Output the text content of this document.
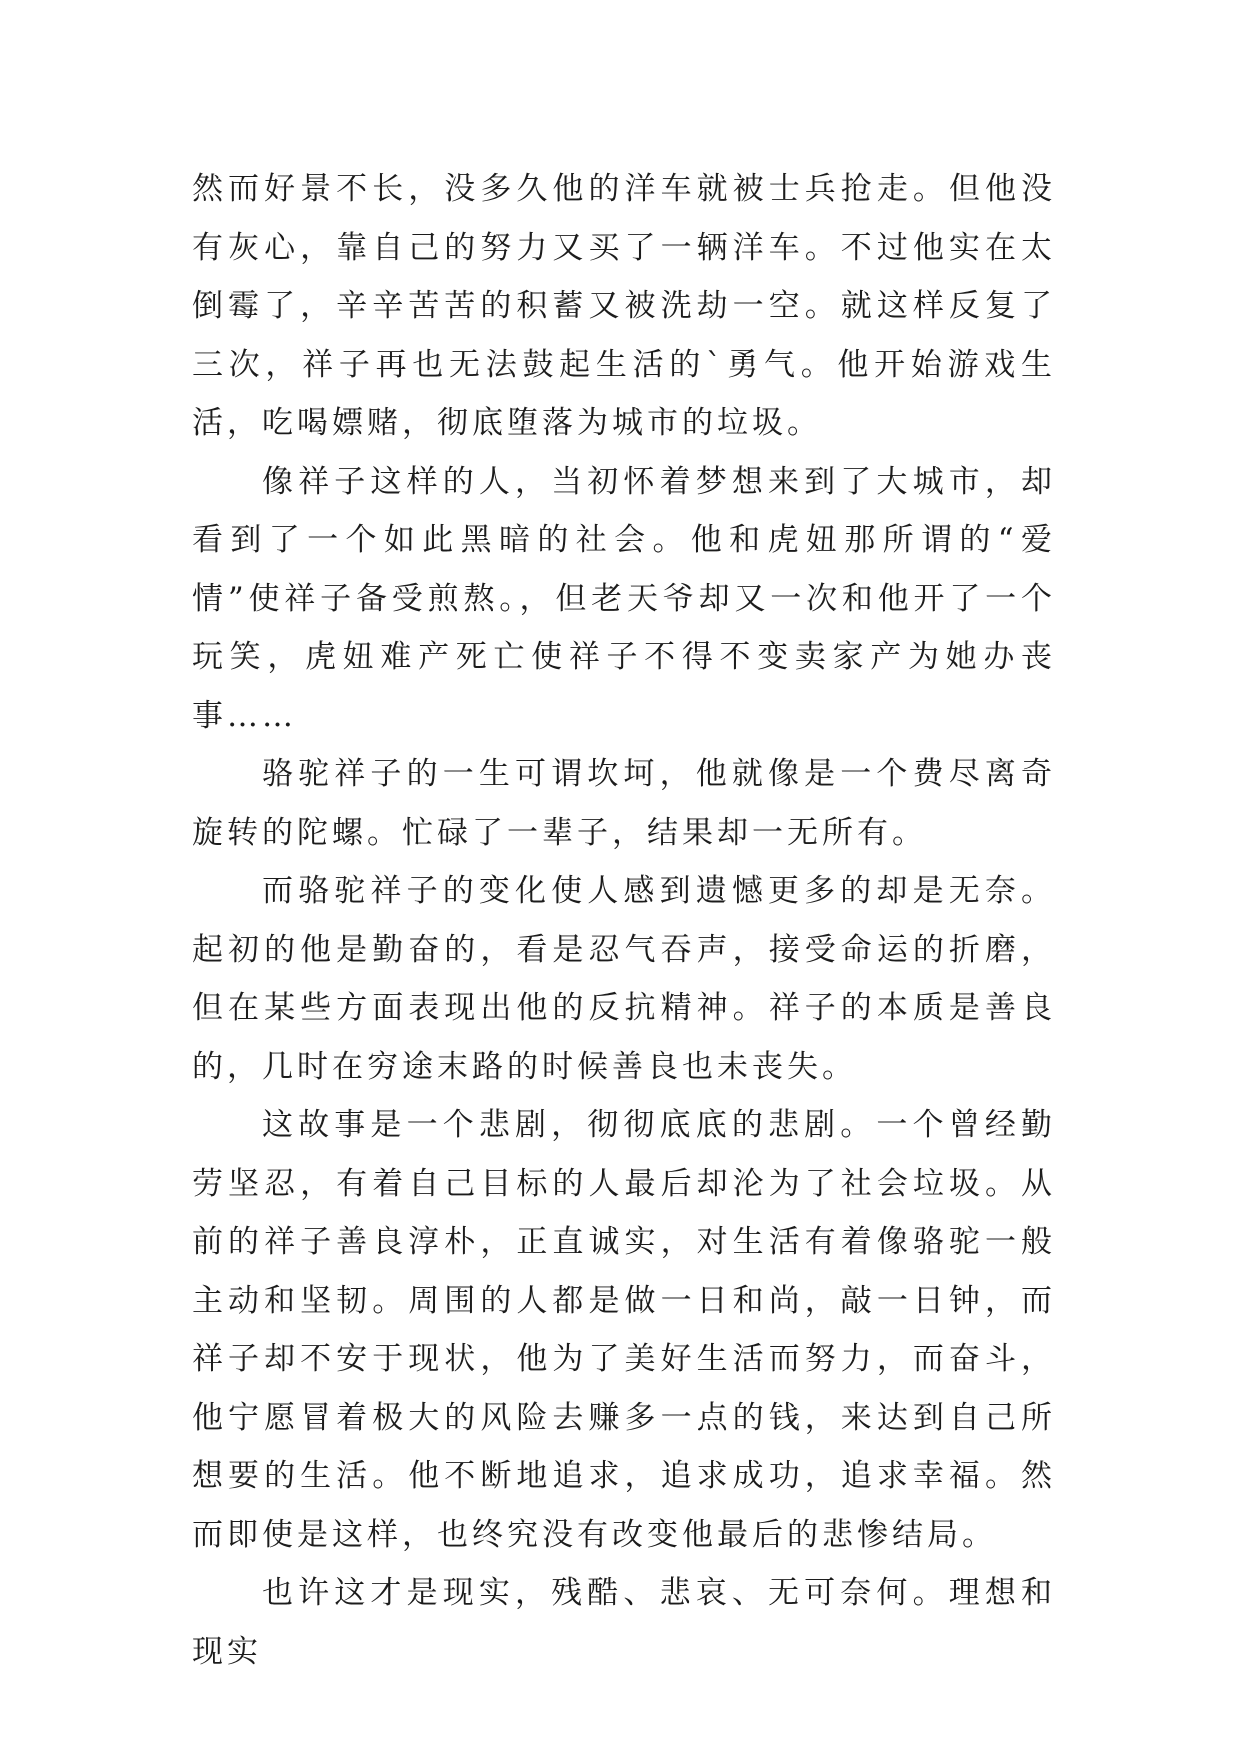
然而好景不长，没多久他的洋车就被士兵抢走。但他没有灰心，靠自己的努力又买了一辆洋车。不过他实在太倒霉了，辛辛苦苦的积蓄又被洗劫一空。就这样反复了三次，祥子再也无法鼓起生活的`勇气。他开始游戏生活，吃喝嫖赌，彻底堕落为城市的垃圾。

像祥子这样的人，当初怀着梦想来到了大城市，却看到了一个如此黑暗的社会。他和虎妞那所谓的“爱情”使祥子备受煎熬。，但老天爷却又一次和他开了一个玩笑，虎妞难产死亡使祥子不得不变卖家产为她办丧事……

骆驼祥子的一生可谓坎坷，他就像是一个费尽离奇旋转的陀螺。忙碌了一辈子，结果却一无所有。

而骆驼祥子的变化使人感到遗憾更多的却是无奈。起初的他是勤奋的，看是忍气吞声，接受命运的折磨，但在某些方面表现出他的反抗精神。祥子的本质是善良的，几时在穷途末路的时候善良也未丧失。

这故事是一个悲剧，彻彻底底的悲剧。一个曾经勤劳坚忍，有着自己目标的人最后却沦为了社会垃圾。从前的祥子善良淳朴，正直诚实，对生活有着像骆驼一般主动和坚韧。周围的人都是做一日和尚，敲一日钟，而祥子却不安于现状，他为了美好生活而努力，而奋斗，他宁愿冒着极大的风险去赚多一点的钱，来达到自己所想要的生活。他不断地追求，追求成功，追求幸福。然而即使是这样，也终究没有改变他最后的悲惨结局。

也许这才是现实，残酷、悲哀、无可奈何。理想和现实
